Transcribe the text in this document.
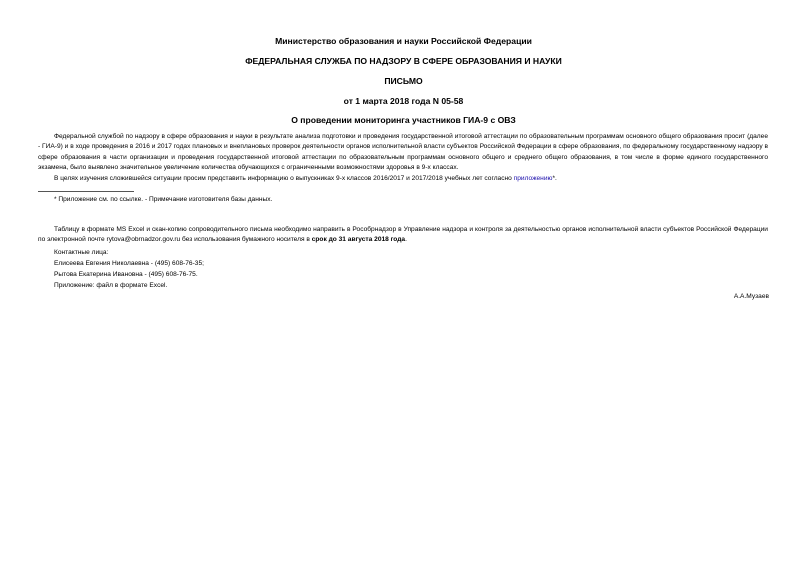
Министерство образования и науки Российской Федерации
ФЕДЕРАЛЬНАЯ СЛУЖБА ПО НАДЗОРУ В СФЕРЕ ОБРАЗОВАНИЯ И НАУКИ
ПИСЬМО
от 1 марта 2018 года N 05-58
О проведении мониторинга участников ГИА-9 с ОВЗ

Федеральной службой по надзору в сфере образования и науки в результате анализа подготовки и проведения государственной итоговой аттестации по образовательным программам основного общего образования просит (далее - ГИА-9) и в ходе проведения в 2016 и 2017 годах плановых и внеплановых проверок деятельности органов исполнительной власти субъектов Российской Федерации в сфере образования, по федеральному государственному надзору в сфере образования в части организации и проведения государственной итоговой аттестации по образовательным программам основного общего и среднего общего образования, в том числе в форме единого государственного экзамена, было выявлено значительное увеличение количества обучающихся с ограниченными возможностями здоровья в 9-х классах.

В целях изучения сложившейся ситуации просим представить информацию о выпускниках 9-х классов 2016/2017 и 2017/2018 учебных лет согласно приложению*.

* Приложение см. по ссылке. - Примечание изготовителя базы данных.

Таблицу в формате MS Excel и скан-копию сопроводительного письма необходимо направить в Рособрнадзор в Управление надзора и контроля за деятельностью органов исполнительной власти субъектов Российской Федерации по электронной почте rytova@obrnadzor.gov.ru без использования бумажного носителя в срок до 31 августа 2018 года.

Контактные лица:
Елисеева Евгения Николаевна - (495) 608-76-35;
Рытова Екатерина Ивановна - (495) 608-76-75.
Приложение: файл в формате Excel.
А.А.Музаев
